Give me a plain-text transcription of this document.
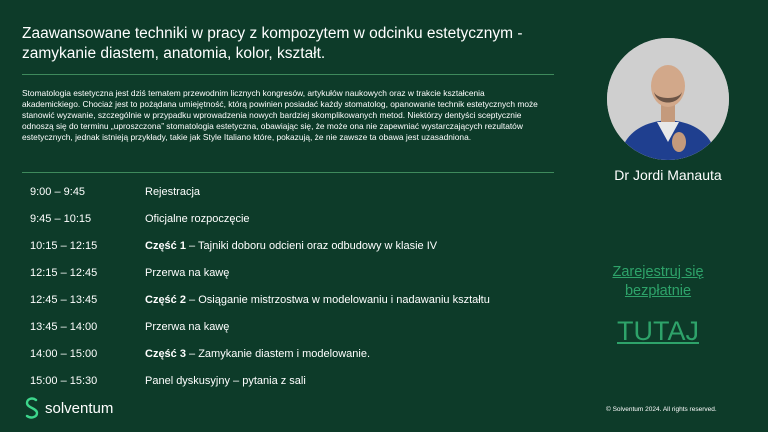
Zaawansowane techniki w pracy z kompozytem w odcinku estetycznym - zamykanie diastem, anatomia, kolor, kształt.

Stomatologia estetyczna jest dziś tematem przewodnim licznych kongresów, artykułów naukowych oraz w trakcie kształcenia akademickiego. Chociaż jest to pożądana umiejętność, którą powinien posiadać każdy stomatolog, opanowanie technik estetycznych może stanowić wyzwanie, szczególnie w przypadku wprowadzenia nowych bardziej skomplikowanych metod. Niektórzy dentyści sceptycznie odnoszą się do terminu „uproszczona” stomatologia estetyczna, obawiając się, że może ona nie zapewniać wystarczających rezultatów estetycznych, jednak istnieją przykłady, takie jak Style Italiano które, pokazują, że nie zawsze ta obawa jest uzasadniona.

9:00 – 9:45	Rejestracja
9:45 – 10:15	Oficjalne rozpoczęcie
10:15 – 12:15	Część 1 – Tajniki doboru odcieni oraz odbudowy w klasie IV
12:15 – 12:45	Przerwa na kawę
12:45 – 13:45	Część 2 – Osiąganie mistrzostwa w modelowaniu i nadawaniu kształtu
13:45 – 14:00	Przerwa na kawę
14:00 – 15:00	Część 3 – Zamykanie diastem i modelowanie.
15:00 – 15:30	Panel dyskusyjny – pytania z sali
Dr Jordi Manauta
Zarejestruj się bezpłatnie
TUTAJ
solventum	© Solventum 2024. All rights reserved.
